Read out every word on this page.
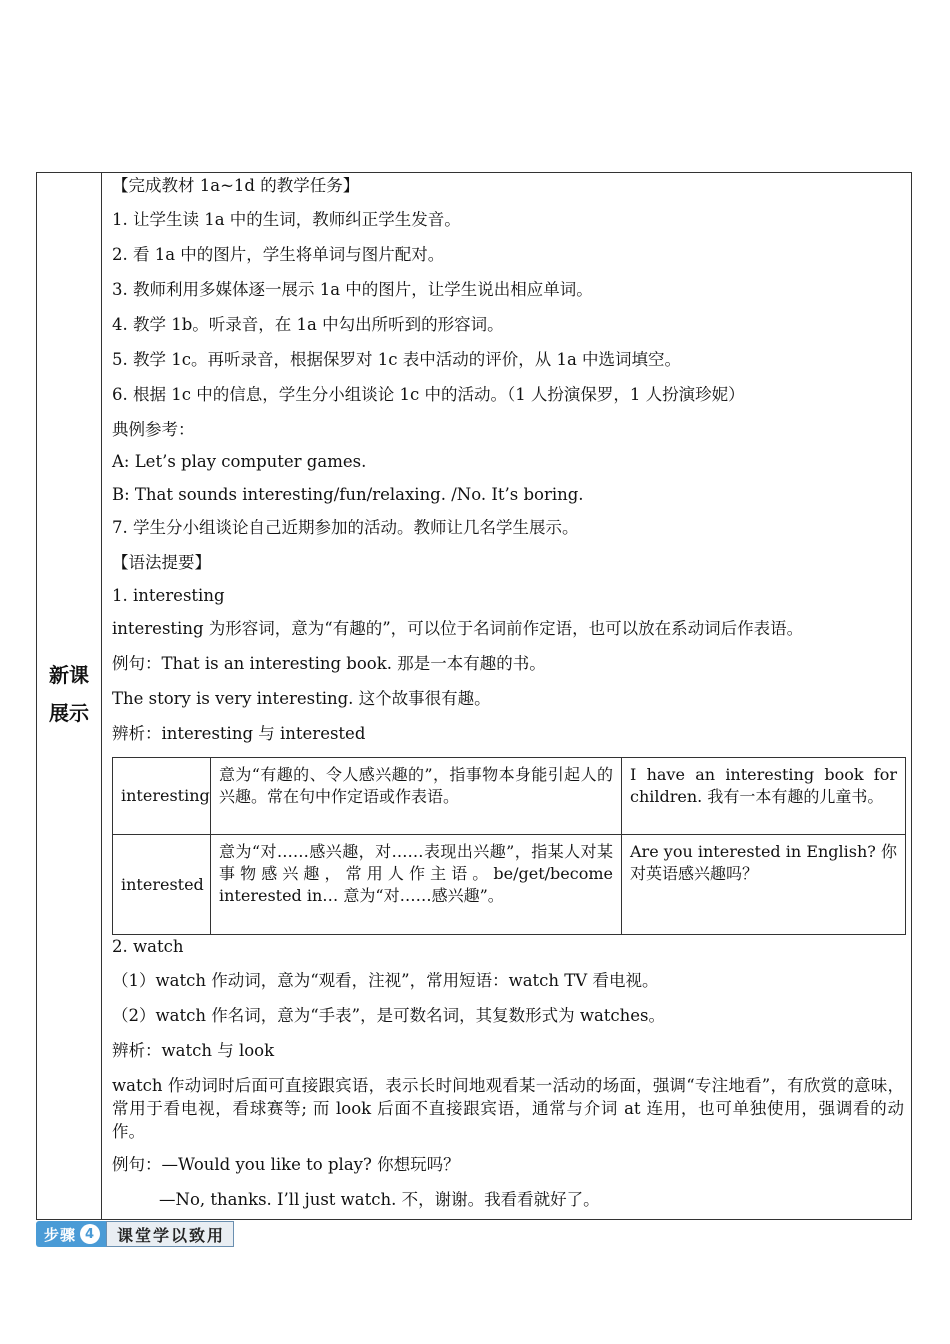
新课
展示
【完成教材 1a~1d 的教学任务】
1. 让学生读 1a 中的生词，教师纠正学生发音。
2. 看 1a 中的图片，学生将单词与图片配对。
3. 教师利用多媒体逐一展示 1a 中的图片，让学生说出相应单词。
4. 教学 1b。听录音，在 1a 中勾出所听到的形容词。
5. 教学 1c。再听录音，根据保罗对 1c 表中活动的评价，从 1a 中选词填空。
6. 根据 1c 中的信息，学生分小组谈论 1c 中的活动。（1 人扮演保罗，1 人扮演珍妮）
典例参考：
A: Let’s play computer games.
B: That sounds interesting/fun/relaxing. /No. It’s boring.
7. 学生分小组谈论自己近期参加的活动。教师让几名学生展示。
【语法提要】
1. interesting
interesting 为形容词，意为“有趣的”，可以位于名词前作定语，也可以放在系动词后作表语。
例句：That is an interesting book. 那是一本有趣的书。
The story is very interesting. 这个故事很有趣。
辨析：interesting 与 interested
2. watch
（1）watch 作动词，意为“观看，注视”，常用短语：watch TV 看电视。
（2）watch 作名词，意为“手表”，是可数名词，其复数形式为 watches。
辨析：watch 与 look
watch 作动词时后面可直接跟宾语，表示长时间地观看某一活动的场面，强调“专注地看”，有欣赏的意味，常用于看电视，看球赛等; 而 look 后面不直接跟宾语，通常与介词 at 连用，也可单独使用，强调看的动作。
例句：—Would you like to play? 你想玩吗？
—No, thanks. I’ll just watch. 不，谢谢。我看看就好了。
interesting	意为“有趣的、令人感兴趣的”，指事物本身能引起人的兴趣。常在句中作定语或作表语。	I have an interesting book for children. 我有一本有趣的儿童书。
interested	意为“对……感兴趣，对……表现出兴趣”，指某人对某事物感兴趣，常用人作主语。be/get/become interested in… 意为“对……感兴趣”。	Are you interested in English? 你对英语感兴趣吗？
步骤 4	课堂学以致用
